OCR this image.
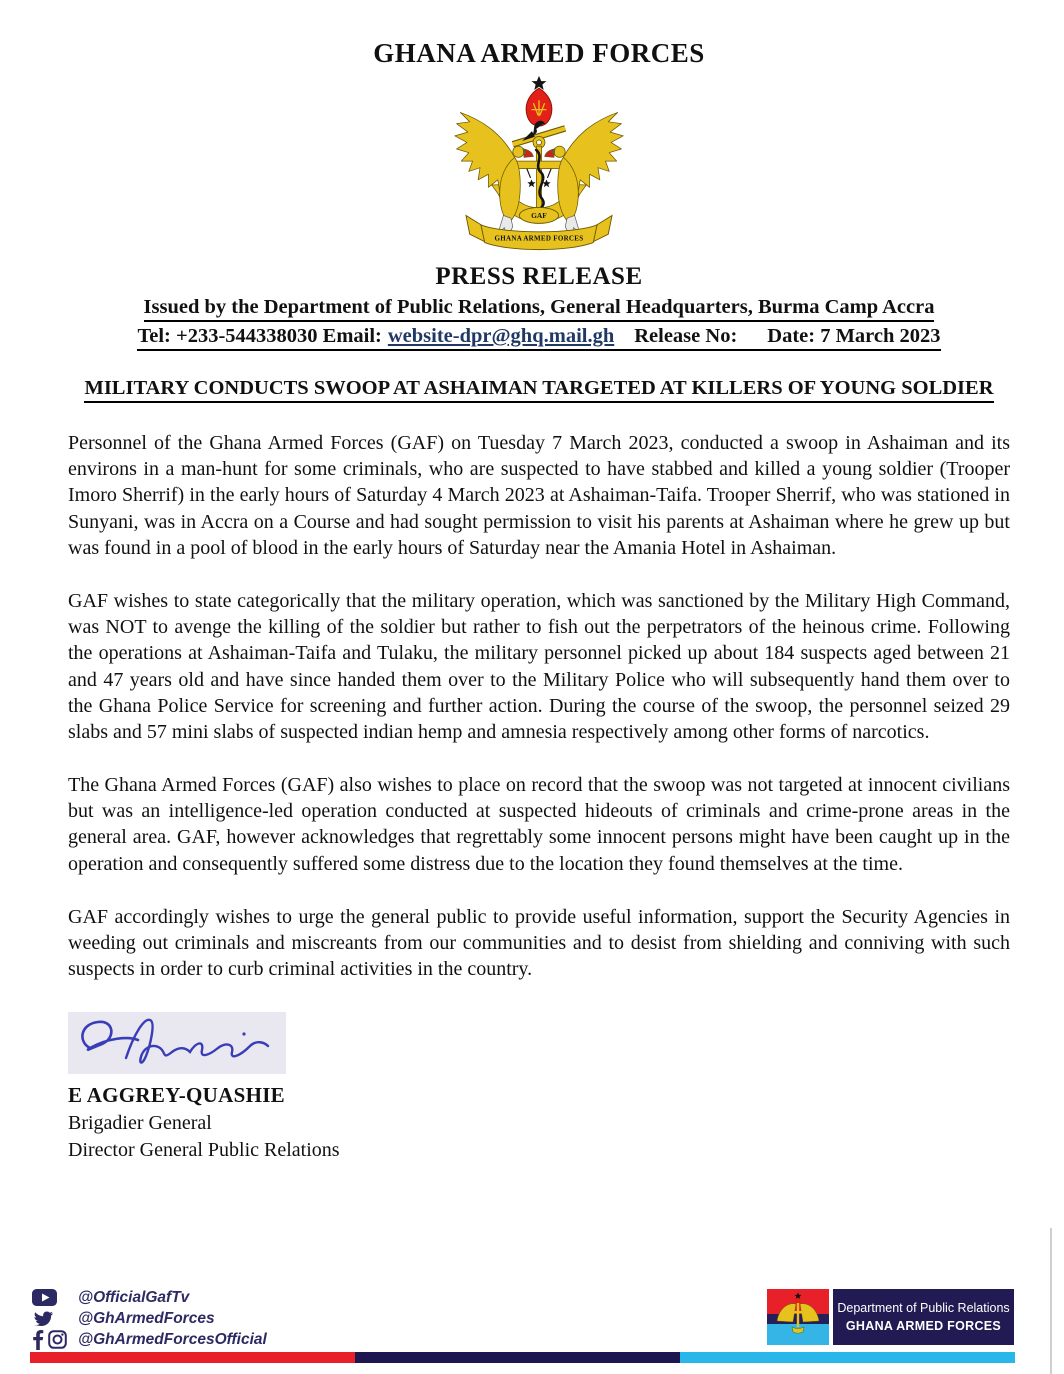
GHANA ARMED FORCES
GAF
GHANA ARMED FORCES
PRESS RELEASE
Issued by the Department of Public Relations, General Headquarters, Burma Camp Accra
Tel: +233-544338030 Email: website-dpr@ghq.mail.gh Release No: Date: 7 March 2023
MILITARY CONDUCTS SWOOP AT ASHAIMAN TARGETED AT KILLERS OF YOUNG SOLDIER

Personnel of the Ghana Armed Forces (GAF) on Tuesday 7 March 2023, conducted a swoop in Ashaiman and its environs in a man-hunt for some criminals, who are suspected to have stabbed and killed a young soldier (Trooper Imoro Sherrif) in the early hours of Saturday 4 March 2023 at Ashaiman-Taifa. Trooper Sherrif, who was stationed in Sunyani, was in Accra on a Course and had sought permission to visit his parents at Ashaiman where he grew up but was found in a pool of blood in the early hours of Saturday near the Amania Hotel in Ashaiman.

GAF wishes to state categorically that the military operation, which was sanctioned by the Military High Command, was NOT to avenge the killing of the soldier but rather to fish out the perpetrators of the heinous crime. Following the operations at Ashaiman-Taifa and Tulaku, the military personnel picked up about 184 suspects aged between 21 and 47 years old and have since handed them over to the Military Police who will subsequently hand them over to the Ghana Police Service for screening and further action. During the course of the swoop, the personnel seized 29 slabs and 57 mini slabs of suspected indian hemp and amnesia respectively among other forms of narcotics.

The Ghana Armed Forces (GAF) also wishes to place on record that the swoop was not targeted at innocent civilians but was an intelligence-led operation conducted at suspected hideouts of criminals and crime-prone areas in the general area. GAF, however acknowledges that regrettably some innocent persons might have been caught up in the operation and consequently suffered some distress due to the location they found themselves at the time.

GAF accordingly wishes to urge the general public to provide useful information, support the Security Agencies in weeding out criminals and miscreants from our communities and to desist from shielding and conniving with such suspects in order to curb criminal activities in the country.

E AGGREY-QUASHIE
Brigadier General
Director General Public Relations
@OfficialGafTv
@GhArmedForces
@GhArmedForcesOfficial
Department of Public Relations
GHANA ARMED FORCES
